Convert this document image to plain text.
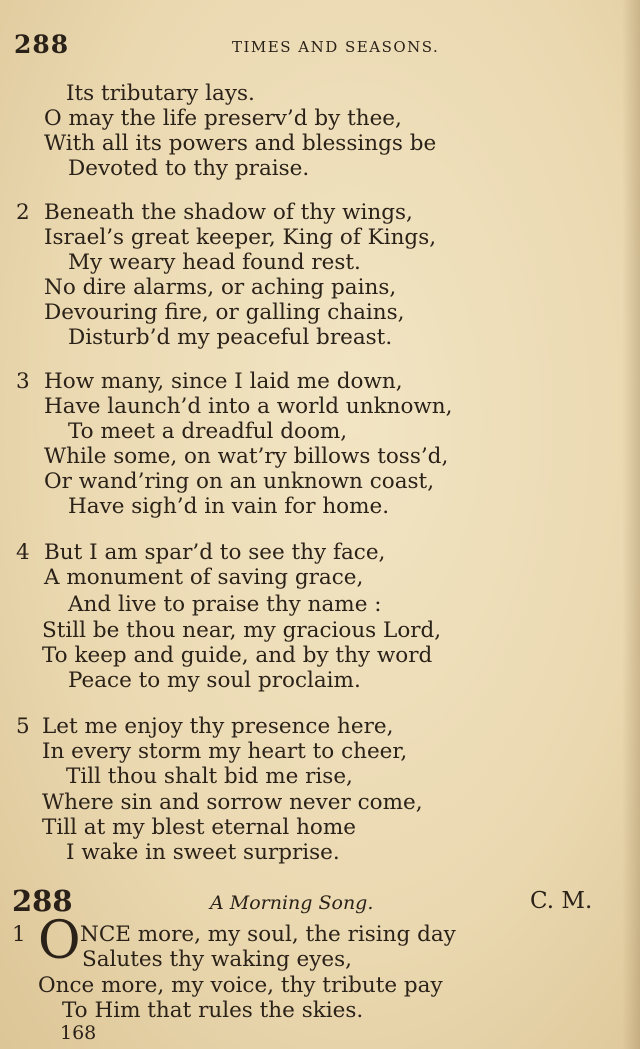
288	TIMES AND SEASONS.
Its tributary lays.
O may the life preserv’d by thee,
With all its powers and blessings be
Devoted to thy praise.
2 Beneath the shadow of thy wings,
Israel’s great keeper, King of Kings,
My weary head found rest.
No dire alarms, or aching pains,
Devouring fire, or galling chains,
Disturb’d my peaceful breast.
3 How many, since I laid me down,
Have launch’d into a world unknown,
To meet a dreadful doom,
While some, on wat’ry billows toss’d,
Or wand’ring on an unknown coast,
Have sigh’d in vain for home.
4 But I am spar’d to see thy face,
A monument of saving grace,
And live to praise thy name :
Still be thou near, my gracious Lord,
To keep and guide, and by thy word
Peace to my soul proclaim.
5 Let me enjoy thy presence here,
In every storm my heart to cheer,
Till thou shalt bid me rise,
Where sin and sorrow never come,
Till at my blest eternal home
I wake in sweet surprise.
288	A Morning Song.	C. M.
1 O NCE more, my soul, the rising day
Salutes thy waking eyes,
Once more, my voice, thy tribute pay
To Him that rules the skies.
168
